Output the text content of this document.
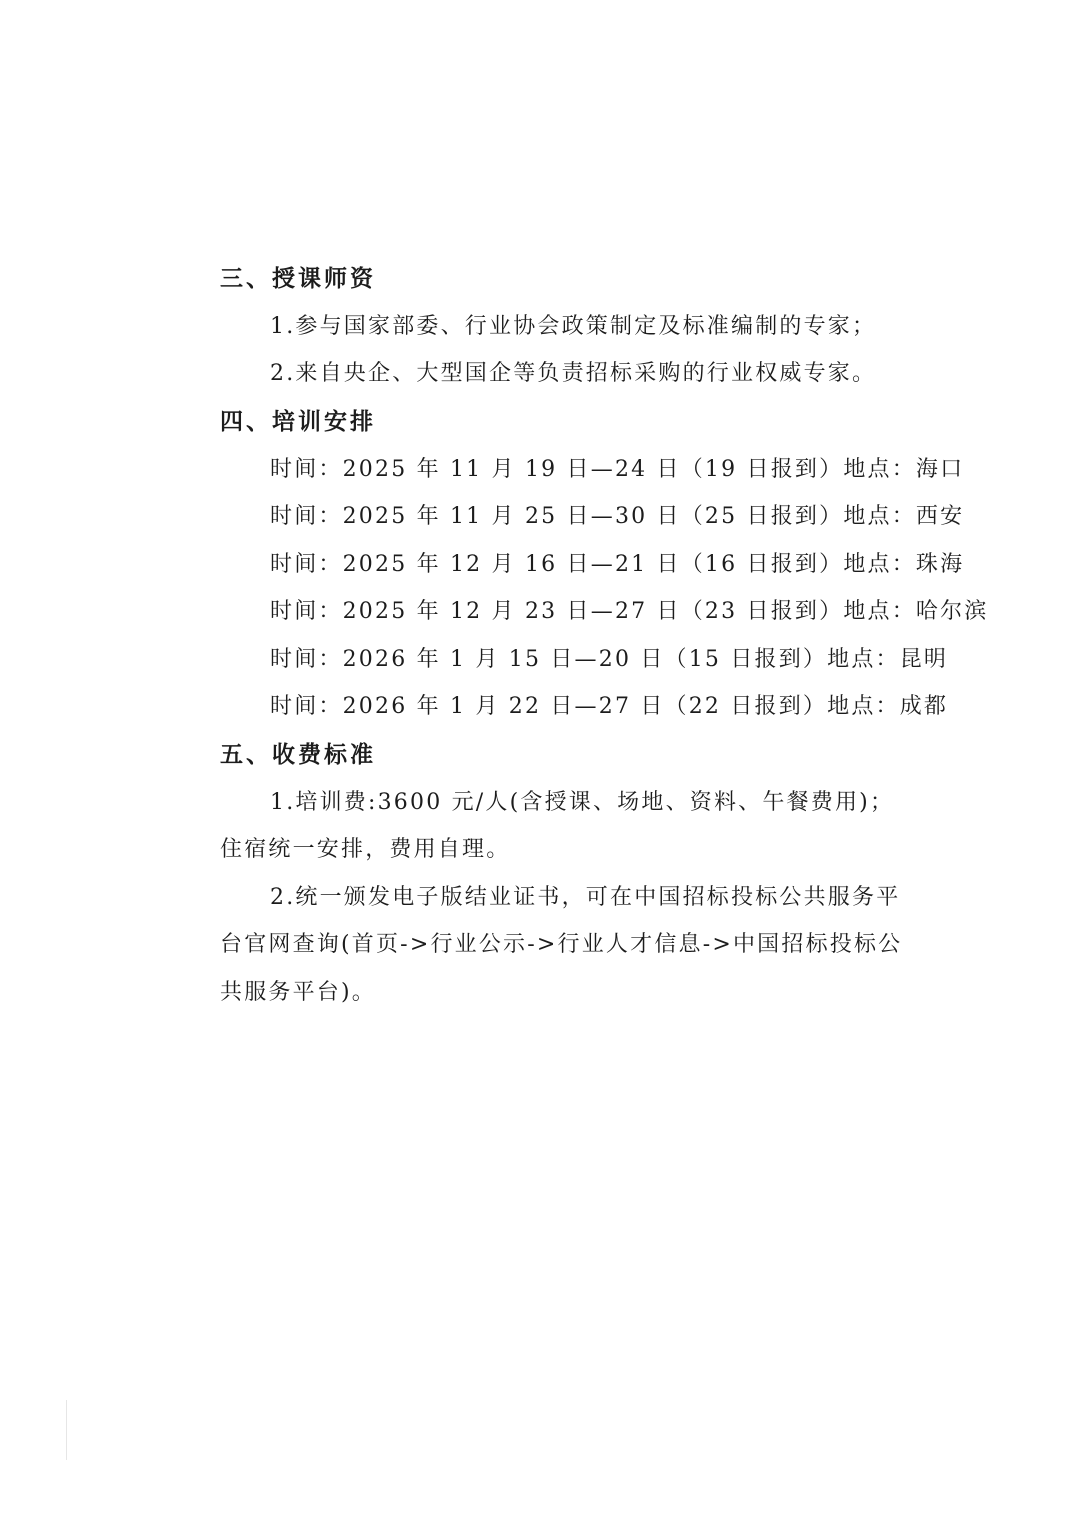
三、授课师资
1.参与国家部委、行业协会政策制定及标准编制的专家；
2.来自央企、大型国企等负责招标采购的行业权威专家。
四、培训安排
时间：2025 年 11 月 19 日—24 日（19 日报到）地点：海口
时间：2025 年 11 月 25 日—30 日（25 日报到）地点：西安
时间：2025 年 12 月 16 日—21 日（16 日报到）地点：珠海
时间：2025 年 12 月 23 日—27 日（23 日报到）地点：哈尔滨
时间：2026 年 1 月 15 日—20 日（15 日报到）地点：昆明
时间：2026 年 1 月 22 日—27 日（22 日报到）地点：成都
五、收费标准
1.培训费:3600 元/人(含授课、场地、资料、午餐费用)；
住宿统一安排，费用自理。
2.统一颁发电子版结业证书，可在中国招标投标公共服务平
台官网查询(首页->行业公示->行业人才信息->中国招标投标公
共服务平台)。
